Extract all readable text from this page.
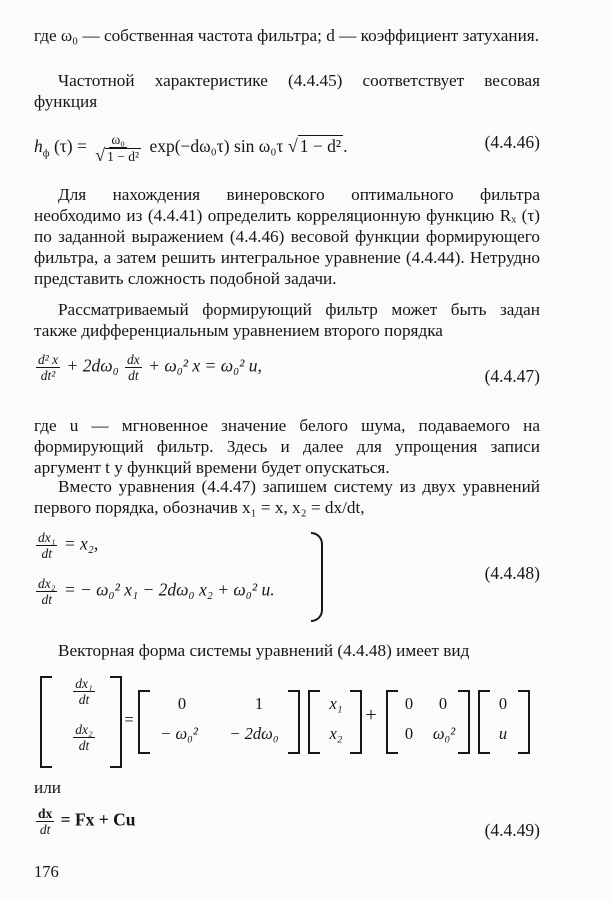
где ω₀ — собственная частота фильтра; d — коэффициент затухания.

Частотной характеристике (4.4.45) соответствует весовая функция

$h_ф$ $(\tau) = \frac{\text{ω₀}}{\text{√ 1 − d²}} \exp(-d\omega_0\tau)$ sin ω₀τ √ 1 − d² .	(4.4.46)

Для нахождения винеровского оптимального фильтра необходимо из (4.4.41) определить корреляционную функцию Rₓ (τ) по заданной выражением (4.4.46) весовой функции формирующего фильтра, а затем решить интегральное уравнение (4.4.44). Нетрудно представить сложность подобной задачи.

Рассматриваемый формирующий фильтр может быть задан также дифференциальным уравнением второго порядка

$\frac{\text{d² x}}{\text{dt²}} + 2d\omega_0 \frac{dx}{dt} + \omega_0^2$ x = ω₀² u,
(4.4.47)

где u — мгновенное значение белого шума, подаваемого на формирующий фильтр. Здесь и далее для упрощения записи аргумент t у функций времени будет опускаться.

Вместо уравнения (4.4.47) запишем систему из двух уравнений первого порядка, обозначив x₁ = x, x₂ = dx/dt,

$\frac{\text{dx₁}}{dt} = x_2$,
$\frac{\text{dx₂}}{dt}$ = − ω₀² x₁ − 2dω₀ x₂ + ω₀² u.
(4.4.48)

Векторная форма системы уравнений (4.4.48) имеет вид

$\frac{\text{dx₁}}{dt}$
$\frac{\text{dx₂}}{dt}$
=
0	1
− ω₀²	− 2dω₀
x₁
x₂
+
0	0
0	ω₀²
0
u

или

$\frac{dx}{dt} = Fx + Cu$
(4.4.49)
176
